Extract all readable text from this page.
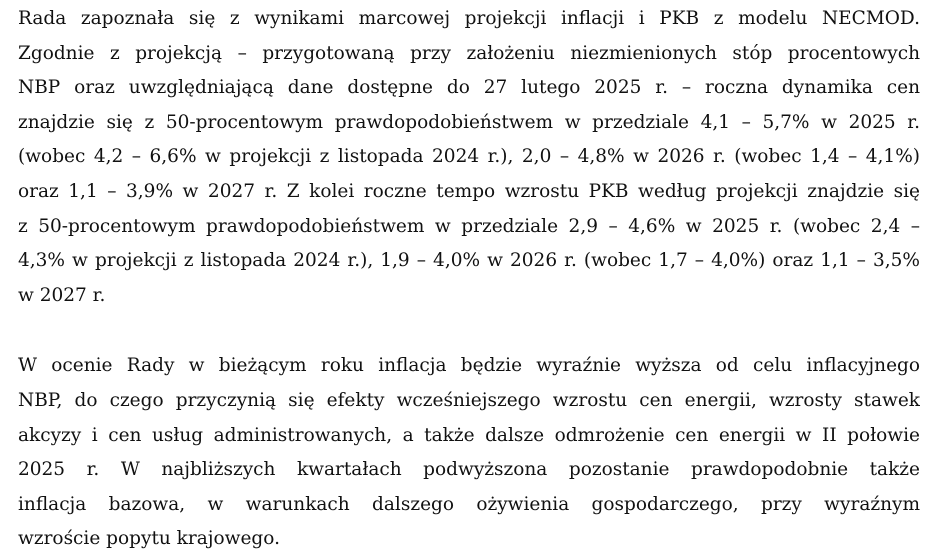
Rada zapoznała się z wynikami marcowej projekcji inflacji i PKB z modelu NECMOD.
Zgodnie z projekcją – przygotowaną przy założeniu niezmienionych stóp procentowych
NBP oraz uwzględniającą dane dostępne do 27 lutego 2025 r. – roczna dynamika cen
znajdzie się z 50-procentowym prawdopodobieństwem w przedziale 4,1 – 5,7% w 2025 r.
(wobec 4,2 – 6,6% w projekcji z listopada 2024 r.), 2,0 – 4,8% w 2026 r. (wobec 1,4 – 4,1%)
oraz 1,1 – 3,9% w 2027 r. Z kolei roczne tempo wzrostu PKB według projekcji znajdzie się
z 50-procentowym prawdopodobieństwem w przedziale 2,9 – 4,6% w 2025 r. (wobec 2,4 –
4,3% w projekcji z listopada 2024 r.), 1,9 – 4,0% w 2026 r. (wobec 1,7 – 4,0%) oraz 1,1 – 3,5%
w 2027 r.
W ocenie Rady w bieżącym roku inflacja będzie wyraźnie wyższa od celu inflacyjnego
NBP, do czego przyczynią się efekty wcześniejszego wzrostu cen energii, wzrosty stawek
akcyzy i cen usług administrowanych, a także dalsze odmrożenie cen energii w II połowie
2025 r. W najbliższych kwartałach podwyższona pozostanie prawdopodobnie także
inflacja bazowa, w warunkach dalszego ożywienia gospodarczego, przy wyraźnym
wzroście popytu krajowego.
